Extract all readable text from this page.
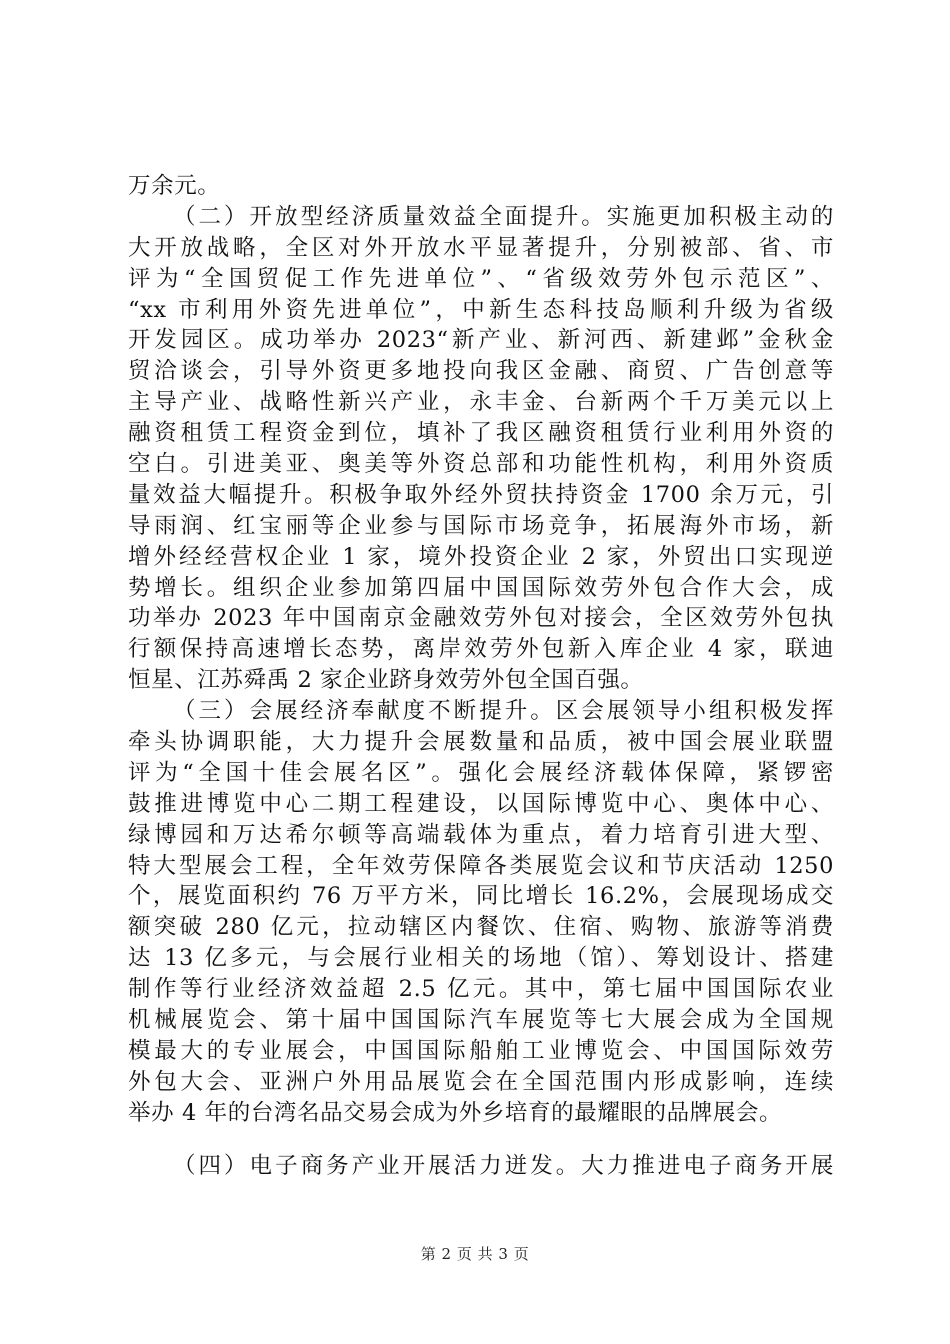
万余元。
（二）开放型经济质量效益全面提升。实施更加积极主动的
大开放战略，全区对外开放水平显著提升，分别被部、省、市
评为“全国贸促工作先进单位”、“省级效劳外包示范区”、
“xx 市利用外资先进单位”，中新生态科技岛顺利升级为省级
开发园区。成功举办 2023“新产业、新河西、新建邺”金秋金
贸洽谈会，引导外资更多地投向我区金融、商贸、广告创意等
主导产业、战略性新兴产业，永丰金、台新两个千万美元以上
融资租赁工程资金到位，填补了我区融资租赁行业利用外资的
空白。引进美亚、奥美等外资总部和功能性机构，利用外资质
量效益大幅提升。积极争取外经外贸扶持资金 1700 余万元，引
导雨润、红宝丽等企业参与国际市场竞争，拓展海外市场，新
增外经经营权企业 1 家，境外投资企业 2 家，外贸出口实现逆
势增长。组织企业参加第四届中国国际效劳外包合作大会，成
功举办 2023 年中国南京金融效劳外包对接会，全区效劳外包执
行额保持高速增长态势，离岸效劳外包新入库企业 4 家，联迪
恒星、江苏舜禹 2 家企业跻身效劳外包全国百强。
（三）会展经济奉献度不断提升。区会展领导小组积极发挥
牵头协调职能，大力提升会展数量和品质，被中国会展业联盟
评为“全国十佳会展名区”。强化会展经济载体保障，紧锣密
鼓推进博览中心二期工程建设，以国际博览中心、奥体中心、
绿博园和万达希尔顿等高端载体为重点，着力培育引进大型、
特大型展会工程，全年效劳保障各类展览会议和节庆活动 1250
个，展览面积约 76 万平方米，同比增长 16.2%，会展现场成交
额突破 280 亿元，拉动辖区内餐饮、住宿、购物、旅游等消费
达 13 亿多元，与会展行业相关的场地（馆）、筹划设计、搭建
制作等行业经济效益超 2.5 亿元。其中，第七届中国国际农业
机械展览会、第十届中国国际汽车展览等七大展会成为全国规
模最大的专业展会，中国国际船舶工业博览会、中国国际效劳
外包大会、亚洲户外用品展览会在全国范围内形成影响，连续
举办 4 年的台湾名品交易会成为外乡培育的最耀眼的品牌展会。
（四）电子商务产业开展活力迸发。大力推进电子商务开展
第 2 页 共 3 页
